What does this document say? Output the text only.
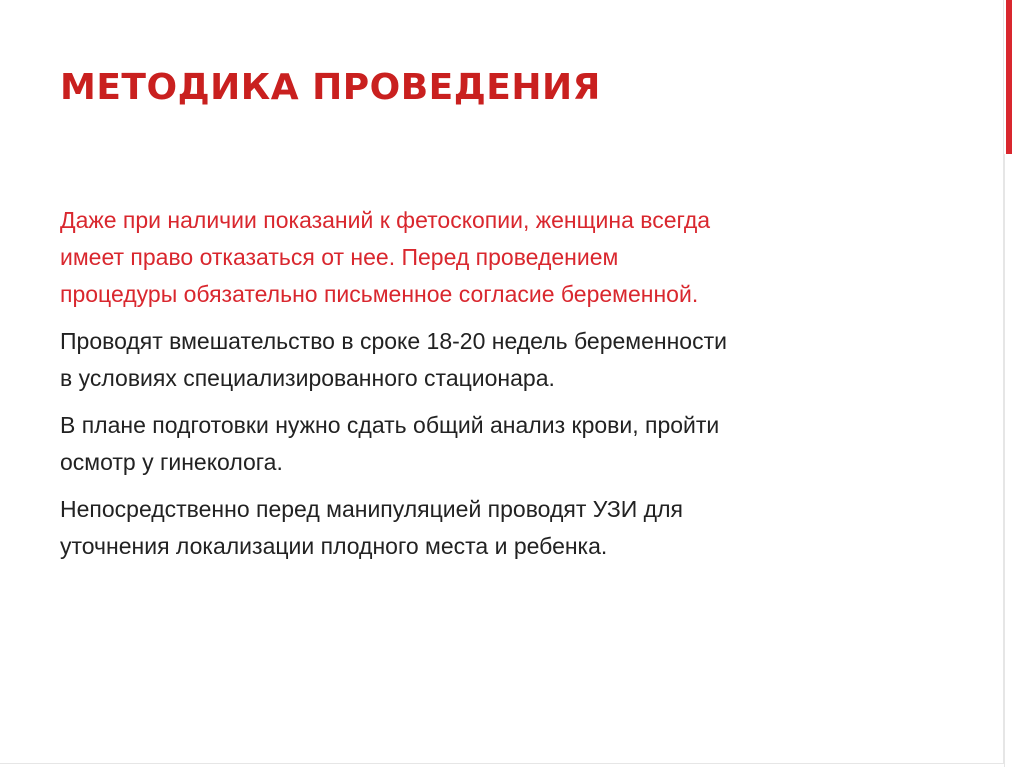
МЕТОДИКА ПРОВЕДЕНИЯ

Даже при наличии показаний к фетоскопии, женщина всегда
имеет право отказаться от нее. Перед проведением
процедуры обязательно письменное согласие беременной.

Проводят вмешательство в сроке 18-20 недель беременности
в условиях специализированного стационара.

В плане подготовки нужно сдать общий анализ крови, пройти
осмотр у гинеколога.

Непосредственно перед манипуляцией проводят УЗИ для
уточнения локализации плодного места и ребенка.
